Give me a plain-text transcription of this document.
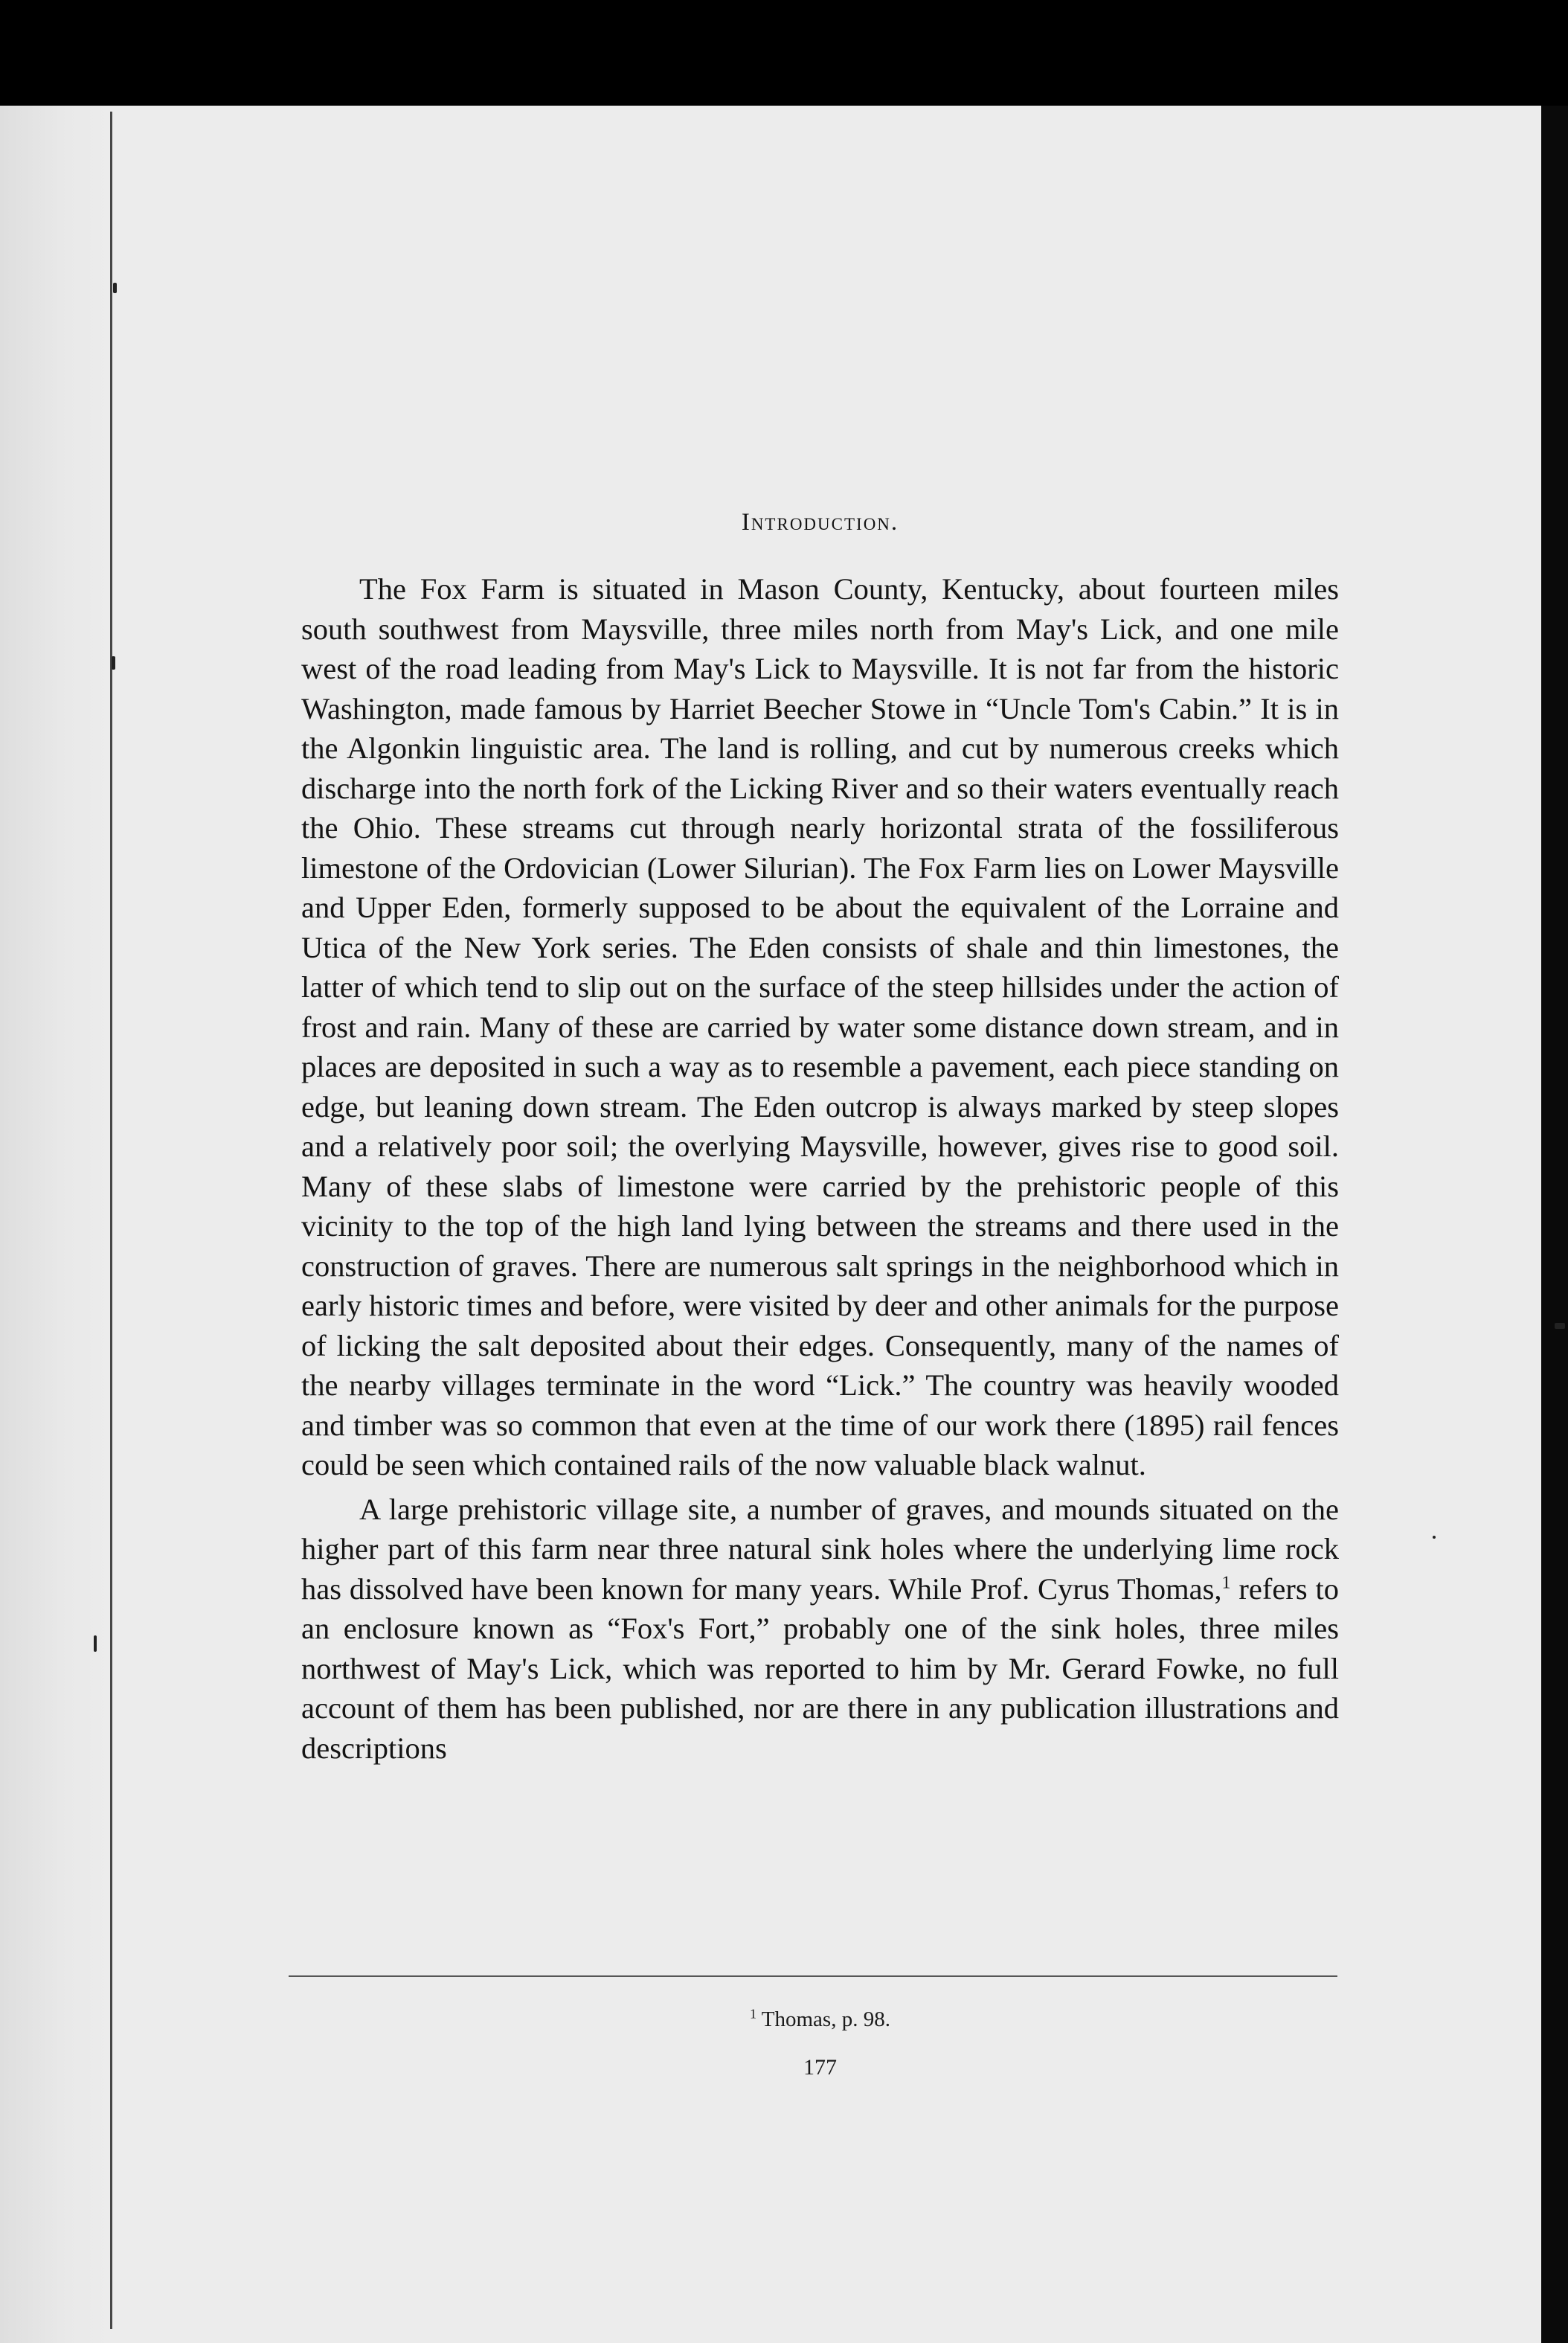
Introduction.

The Fox Farm is situated in Mason County, Kentucky, about fourteen miles south southwest from Maysville, three miles north from May's Lick, and one mile west of the road leading from May's Lick to Maysville. It is not far from the historic Washington, made famous by Harriet Beecher Stowe in “Uncle Tom's Cabin.” It is in the Algonkin linguistic area. The land is rolling, and cut by numerous creeks which discharge into the north fork of the Licking River and so their waters eventually reach the Ohio. These streams cut through nearly horizontal strata of the fossiliferous limestone of the Ordovician (Lower Silurian). The Fox Farm lies on Lower Maysville and Upper Eden, formerly supposed to be about the equivalent of the Lorraine and Utica of the New York series. The Eden consists of shale and thin limestones, the latter of which tend to slip out on the surface of the steep hillsides under the action of frost and rain. Many of these are carried by water some distance down stream, and in places are deposited in such a way as to resemble a pavement, each piece standing on edge, but leaning down stream. The Eden outcrop is always marked by steep slopes and a relatively poor soil; the overlying Maysville, however, gives rise to good soil. Many of these slabs of limestone were carried by the prehistoric people of this vicinity to the top of the high land lying between the streams and there used in the construction of graves. There are numerous salt springs in the neighborhood which in early historic times and before, were visited by deer and other animals for the purpose of licking the salt deposited about their edges. Consequently, many of the names of the nearby villages terminate in the word “Lick.” The country was heavily wooded and timber was so common that even at the time of our work there (1895) rail fences could be seen which contained rails of the now valuable black walnut.

A large prehistoric village site, a number of graves, and mounds situated on the higher part of this farm near three natural sink holes where the underlying lime rock has dissolved have been known for many years. While Prof. Cyrus Thomas,$^1$ refers to an enclosure known as “Fox's Fort,” probably one of the sink holes, three miles northwest of May's Lick, which was reported to him by Mr. Gerard Fowke, no full account of them has been published, nor are there in any publication illustrations and descriptions

$^1$ Thomas, p. 98.
177
